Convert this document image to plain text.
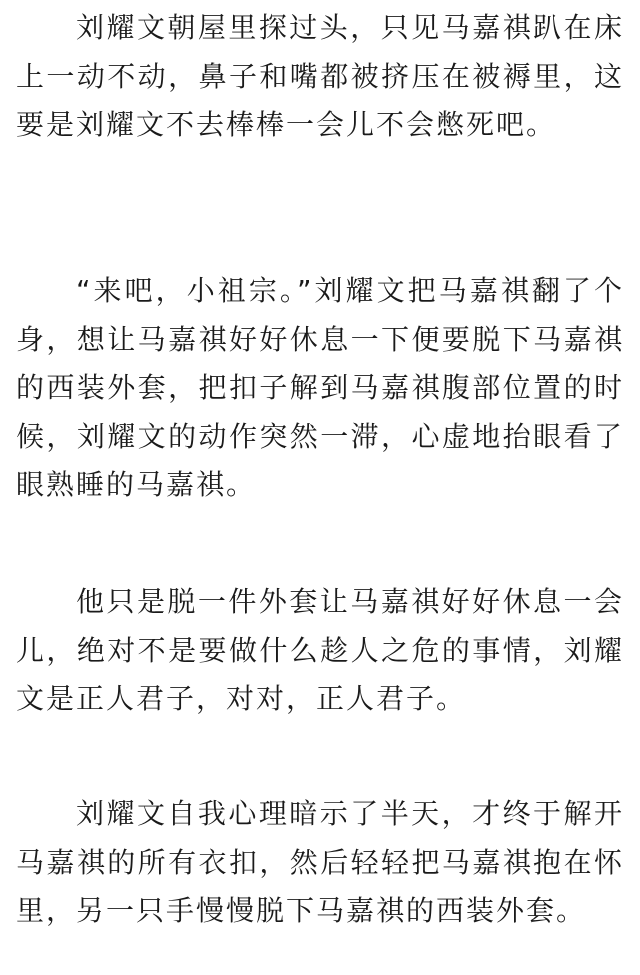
刘耀文朝屋里探过头，只见马嘉祺趴在床上一动不动，鼻子和嘴都被挤压在被褥里，这要是刘耀文不去棒棒一会儿不会憋死吧。

“来吧，小祖宗。”刘耀文把马嘉祺翻了个身，想让马嘉祺好好休息一下便要脱下马嘉祺的西装外套，把扣子解到马嘉祺腹部位置的时候，刘耀文的动作突然一滞，心虚地抬眼看了眼熟睡的马嘉祺。

他只是脱一件外套让马嘉祺好好休息一会儿，绝对不是要做什么趁人之危的事情，刘耀文是正人君子，对对，正人君子。

刘耀文自我心理暗示了半天，才终于解开马嘉祺的所有衣扣，然后轻轻把马嘉祺抱在怀里，另一只手慢慢脱下马嘉祺的西装外套。
